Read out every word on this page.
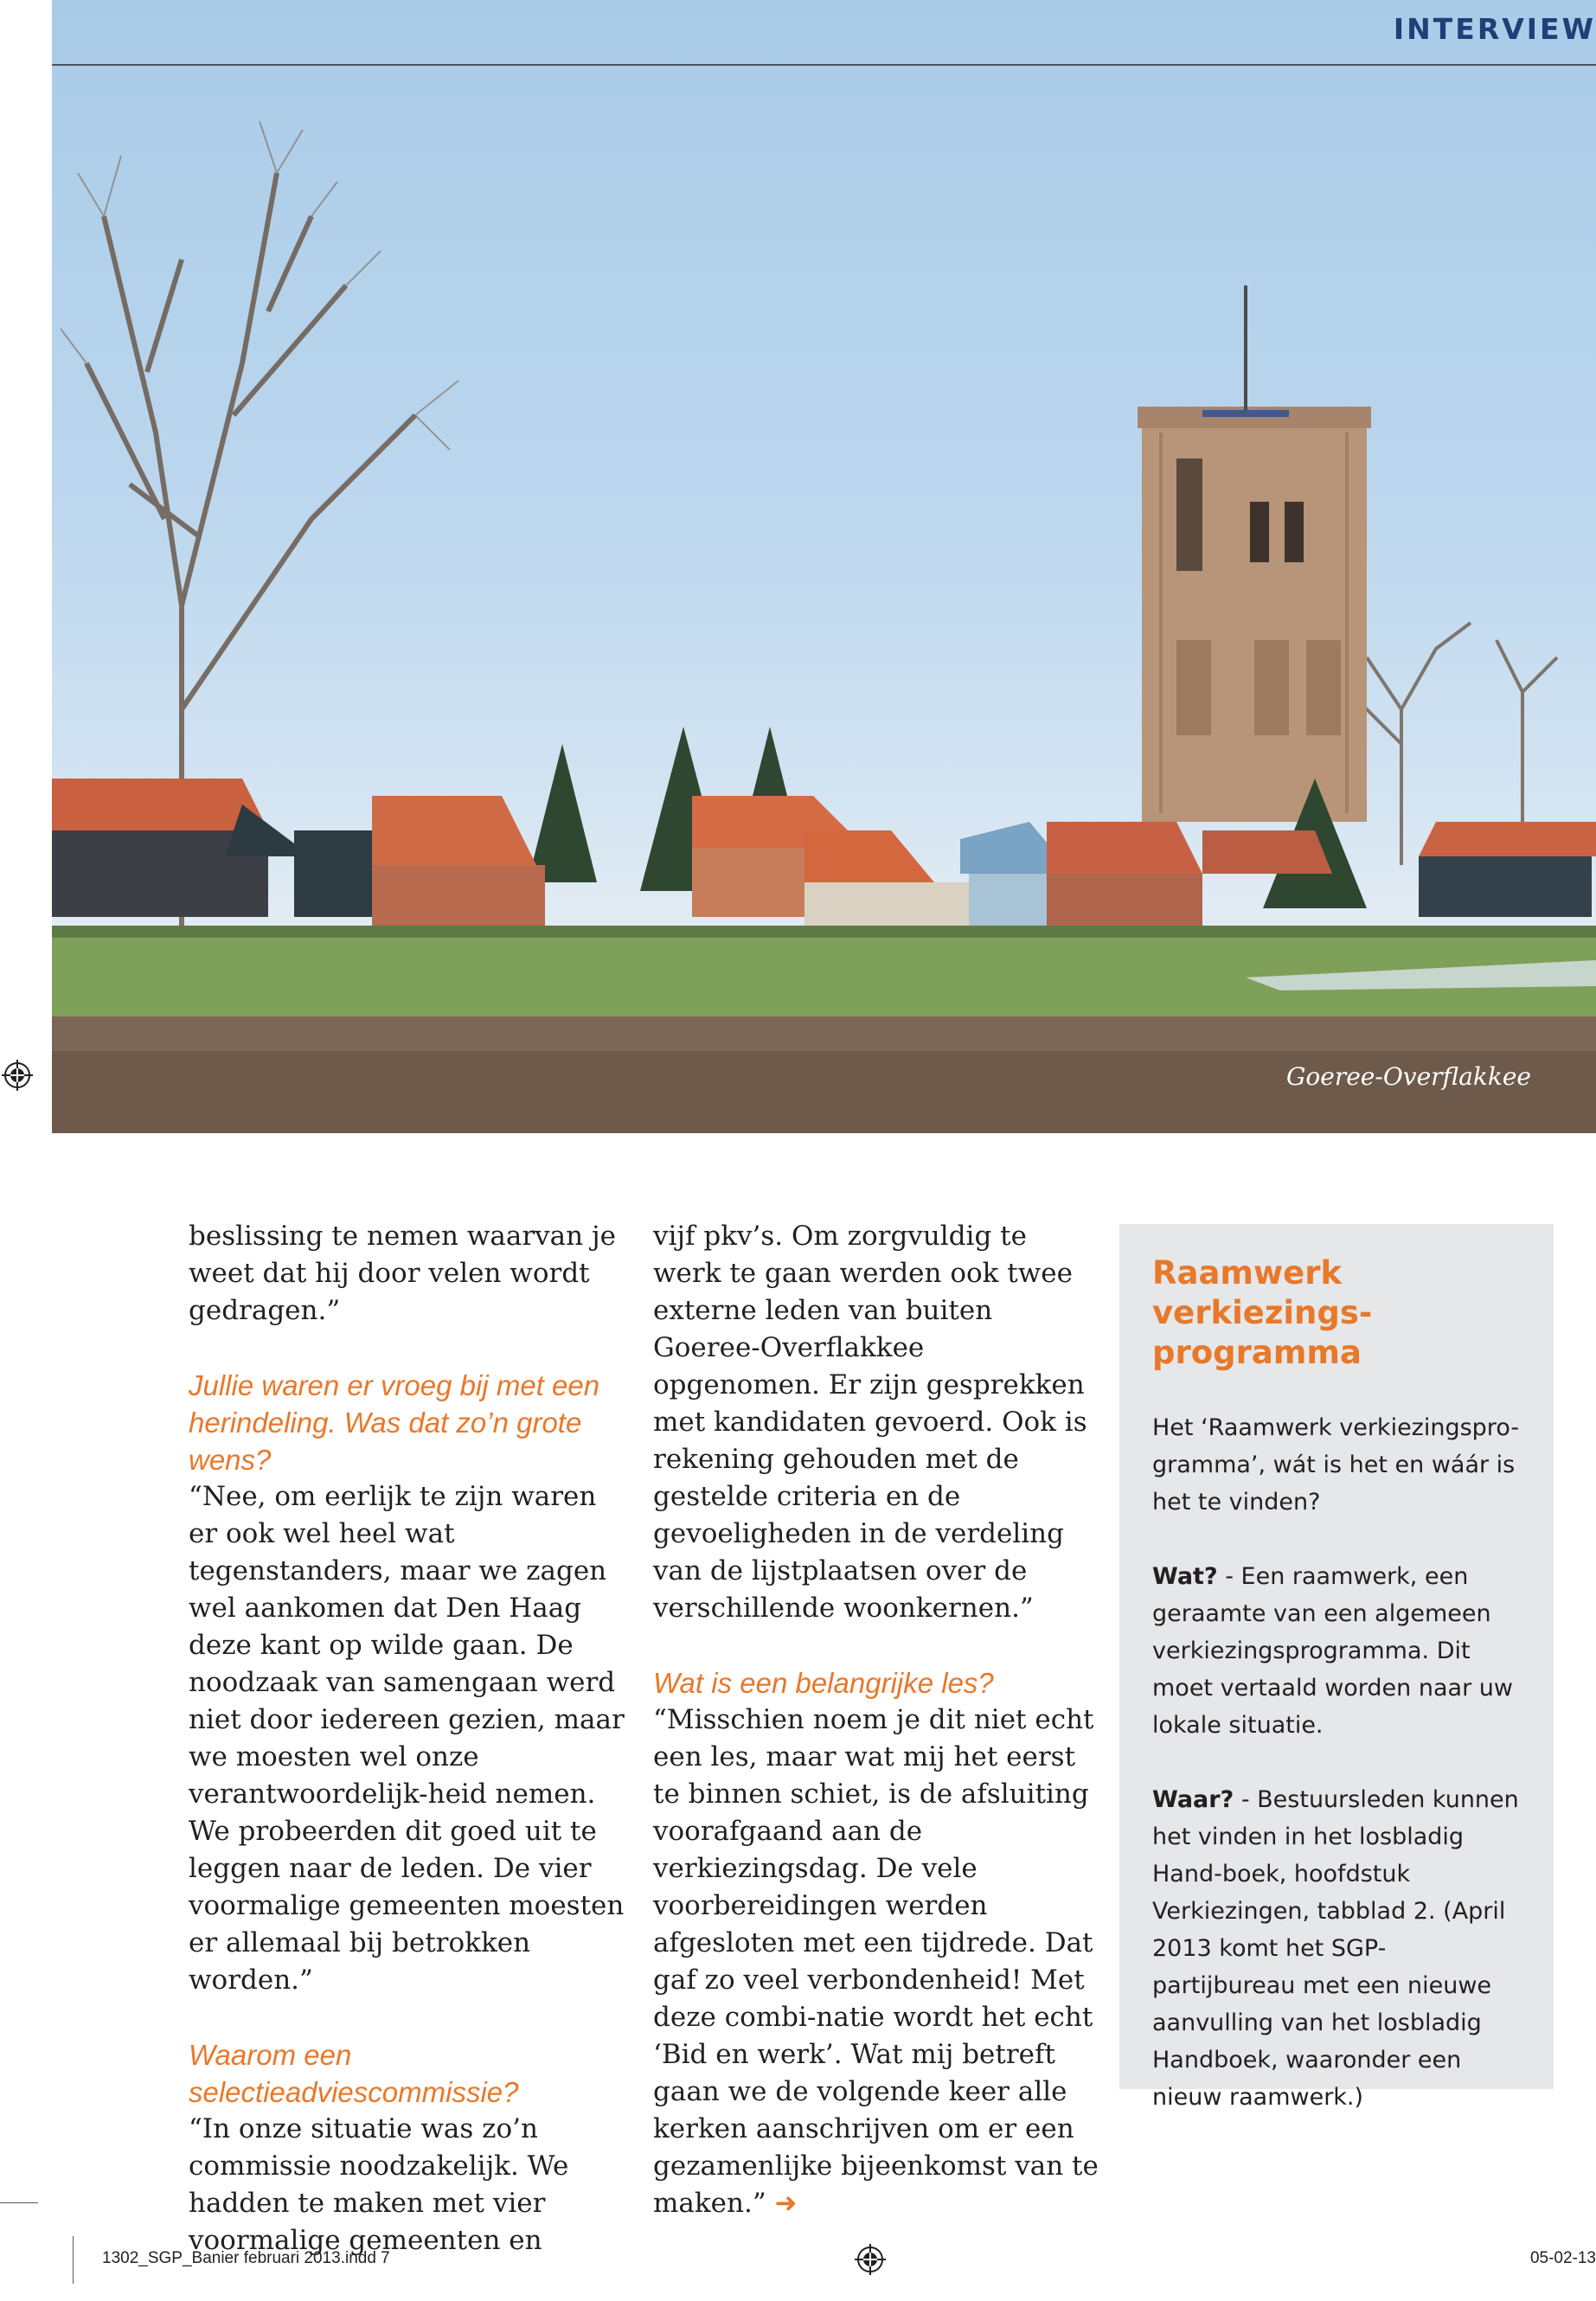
INTERVIEW
Goeree-Overflakkee

beslissing te nemen waarvan je weet dat hij door velen wordt gedragen.”

Jullie waren er vroeg bij met een herindeling. Was dat zo’n grote wens?

“Nee, om eerlijk te zijn waren er ook wel heel wat tegenstanders, maar we zagen wel aankomen dat Den Haag deze kant op wilde gaan. De noodzaak van samengaan werd niet door iedereen gezien, maar we moesten wel onze verantwoordelijk-heid nemen. We probeerden dit goed uit te leggen naar de leden. De vier voormalige gemeenten moesten er allemaal bij betrokken worden.”

Waarom een selectieadviescommissie?

“In onze situatie was zo’n commissie noodzakelijk. We hadden te maken met vier voormalige gemeenten en

vijf pkv’s. Om zorgvuldig te werk te gaan werden ook twee externe leden van buiten Goeree-Overflakkee opgenomen. Er zijn gesprekken met kandidaten gevoerd. Ook is rekening gehouden met de gestelde criteria en de gevoeligheden in de verdeling van de lijstplaatsen over de verschillende woonkernen.”

Wat is een belangrijke les?

“Misschien noem je dit niet echt een les, maar wat mij het eerst te binnen schiet, is de afsluiting voorafgaand aan de verkiezingsdag. De vele voorbereidingen werden afgesloten met een tijdrede. Dat gaf zo veel verbondenheid! Met deze combi-natie wordt het echt ‘Bid en werk’. Wat mij betreft gaan we de volgende keer alle kerken aanschrijven om er een gezamenlijke bijeenkomst van te maken.” ➜

Raamwerk verkiezings-programma

Het ‘Raamwerk verkiezingspro-gramma’, wát is het en wáár is het te vinden?

Wat? - Een raamwerk, een geraamte van een algemeen verkiezingsprogramma. Dit moet vertaald worden naar uw lokale situatie.

Waar? - Bestuursleden kunnen het vinden in het losbladig Hand-boek, hoofdstuk Verkiezingen, tabblad 2. (April 2013 komt het SGP-partijbureau met een nieuwe aanvulling van het losbladig Handboek, waaronder een nieuw raamwerk.)

1302_SGP_Banier februari 2013.indd 7	05-02-13
